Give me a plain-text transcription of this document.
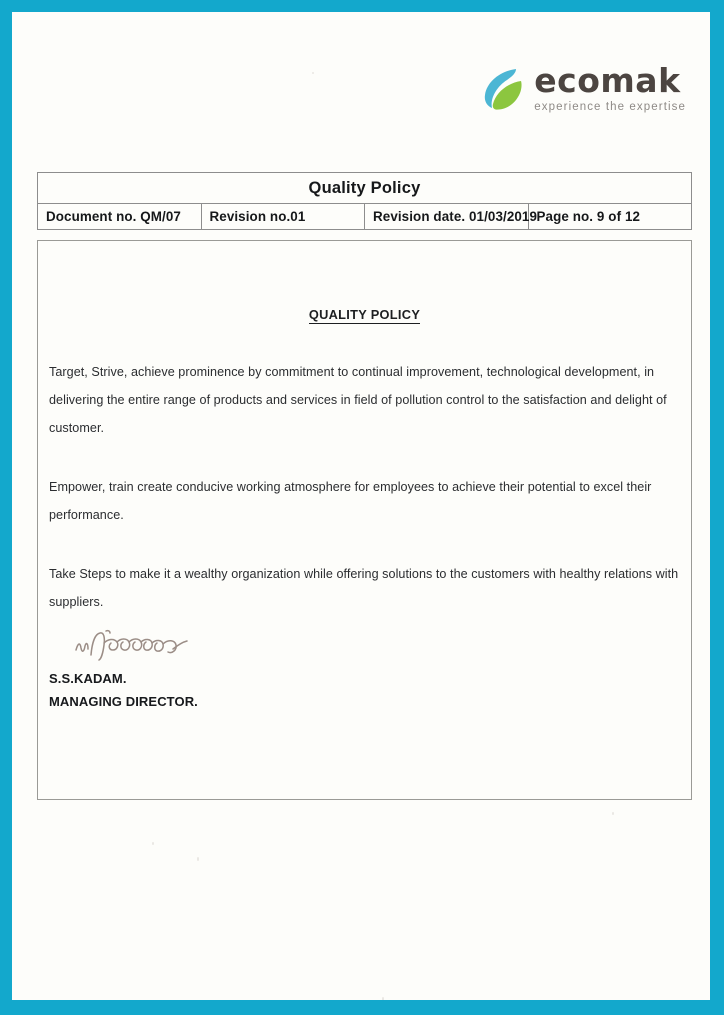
ecomak
experience the expertise
Quality Policy
Document no. QM/07	Revision no.01	Revision date. 01/03/2019	Page no. 9 of 12
QUALITY POLICY

Target, Strive, achieve prominence by commitment to continual improvement, technological development, in delivering the entire range of products and services in field of pollution control to the satisfaction and delight of customer.

Empower, train create conducive working atmosphere for employees to achieve their potential to excel their performance.

Take Steps to make it a wealthy organization while offering solutions to the customers with healthy relations with suppliers.

S.S.KADAM.
MANAGING DIRECTOR.
